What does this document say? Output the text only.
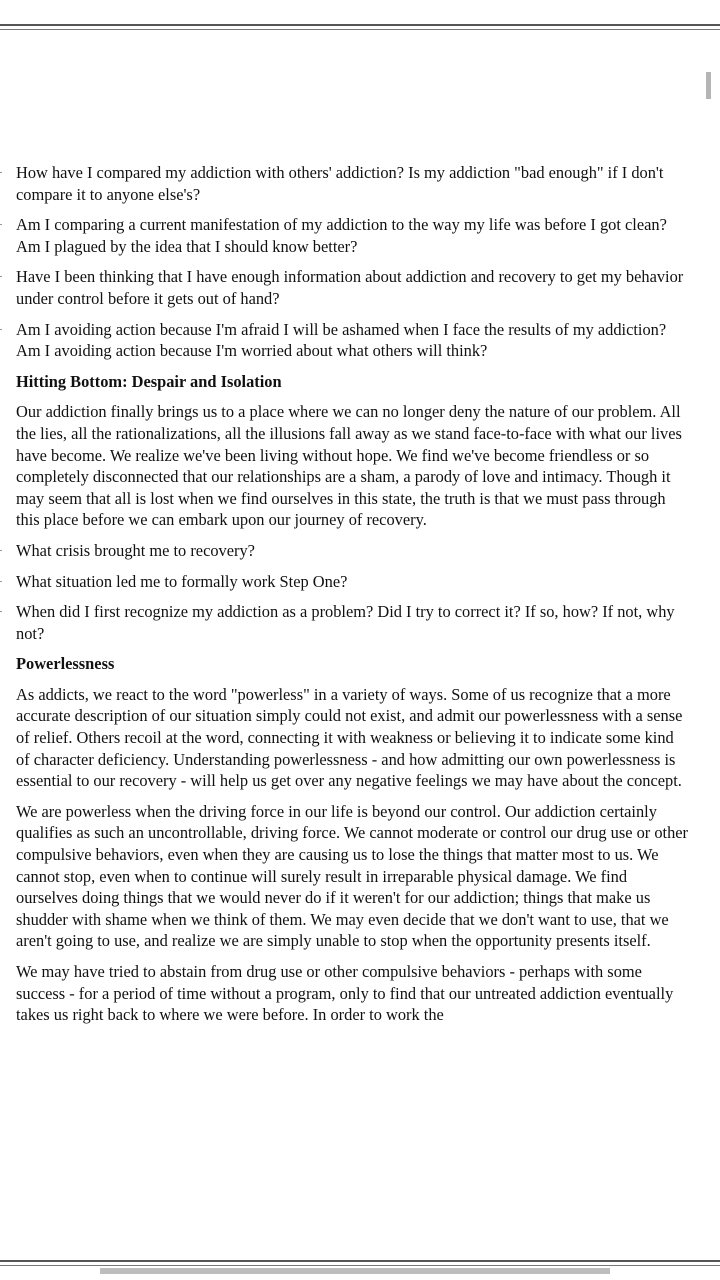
How have I compared my addiction with others' addiction? Is my addiction "bad enough" if I don't compare it to anyone else's?
Am I comparing a current manifestation of my addiction to the way my life was before I got clean? Am I plagued by the idea that I should know better?
Have I been thinking that I have enough information about addiction and recovery to get my behavior under control before it gets out of hand?
Am I avoiding action because I'm afraid I will be ashamed when I face the results of my addiction? Am I avoiding action because I'm worried about what others will think?
Hitting Bottom: Despair and Isolation
Our addiction finally brings us to a place where we can no longer deny the nature of our problem. All the lies, all the rationalizations, all the illusions fall away as we stand face-to-face with what our lives have become. We realize we've been living without hope. We find we've become friendless or so completely disconnected that our relationships are a sham, a parody of love and intimacy. Though it may seem that all is lost when we find ourselves in this state, the truth is that we must pass through this place before we can embark upon our journey of recovery.
What crisis brought me to recovery?
What situation led me to formally work Step One?
When did I first recognize my addiction as a problem? Did I try to correct it? If so, how? If not, why not?
Powerlessness
As addicts, we react to the word "powerless" in a variety of ways. Some of us recognize that a more accurate description of our situation simply could not exist, and admit our powerlessness with a sense of relief. Others recoil at the word, connecting it with weakness or believing it to indicate some kind of character deficiency. Understanding powerlessness - and how admitting our own powerlessness is essential to our recovery - will help us get over any negative feelings we may have about the concept.
We are powerless when the driving force in our life is beyond our control. Our addiction certainly qualifies as such an uncontrollable, driving force. We cannot moderate or control our drug use or other compulsive behaviors, even when they are causing us to lose the things that matter most to us. We cannot stop, even when to continue will surely result in irreparable physical damage. We find ourselves doing things that we would never do if it weren't for our addiction; things that make us shudder with shame when we think of them. We may even decide that we don't want to use, that we aren't going to use, and realize we are simply unable to stop when the opportunity presents itself.
We may have tried to abstain from drug use or other compulsive behaviors - perhaps with some success - for a period of time without a program, only to find that our untreated addiction eventually takes us right back to where we were before. In order to work the
